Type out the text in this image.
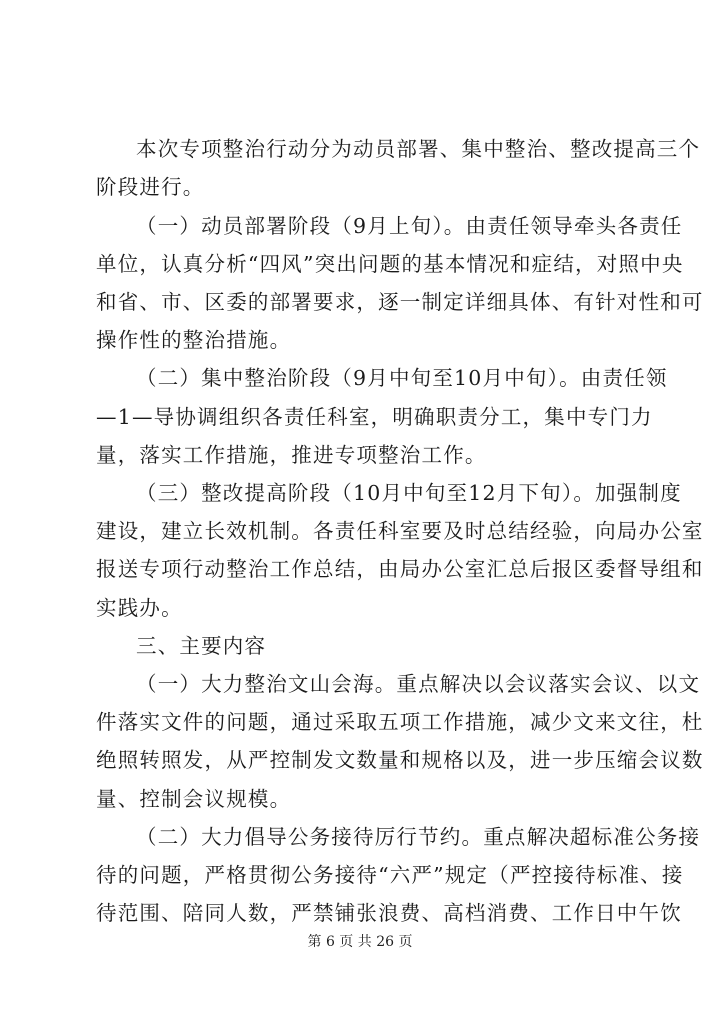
本次专项整治行动分为动员部署、集中整治、整改提高三个
阶段进行。
（一）动员部署阶段（9月上旬）。由责任领导牵头各责任
单位，认真分析“四风”突出问题的基本情况和症结，对照中央
和省、市、区委的部署要求，逐一制定详细具体、有针对性和可
操作性的整治措施。
（二）集中整治阶段（9月中旬至10月中旬）。由责任领
—1—导协调组织各责任科室，明确职责分工，集中专门力
量，落实工作措施，推进专项整治工作。
（三）整改提高阶段（10月中旬至12月下旬）。加强制度
建设，建立长效机制。各责任科室要及时总结经验，向局办公室
报送专项行动整治工作总结，由局办公室汇总后报区委督导组和
实践办。
三、主要内容
（一）大力整治文山会海。重点解决以会议落实会议、以文
件落实文件的问题，通过采取五项工作措施，减少文来文往，杜
绝照转照发，从严控制发文数量和规格以及，进一步压缩会议数
量、控制会议规模。
（二）大力倡导公务接待厉行节约。重点解决超标准公务接
待的问题，严格贯彻公务接待“六严”规定（严控接待标准、接
待范围、陪同人数，严禁铺张浪费、高档消费、工作日中午饮
第 6 页 共 26 页
